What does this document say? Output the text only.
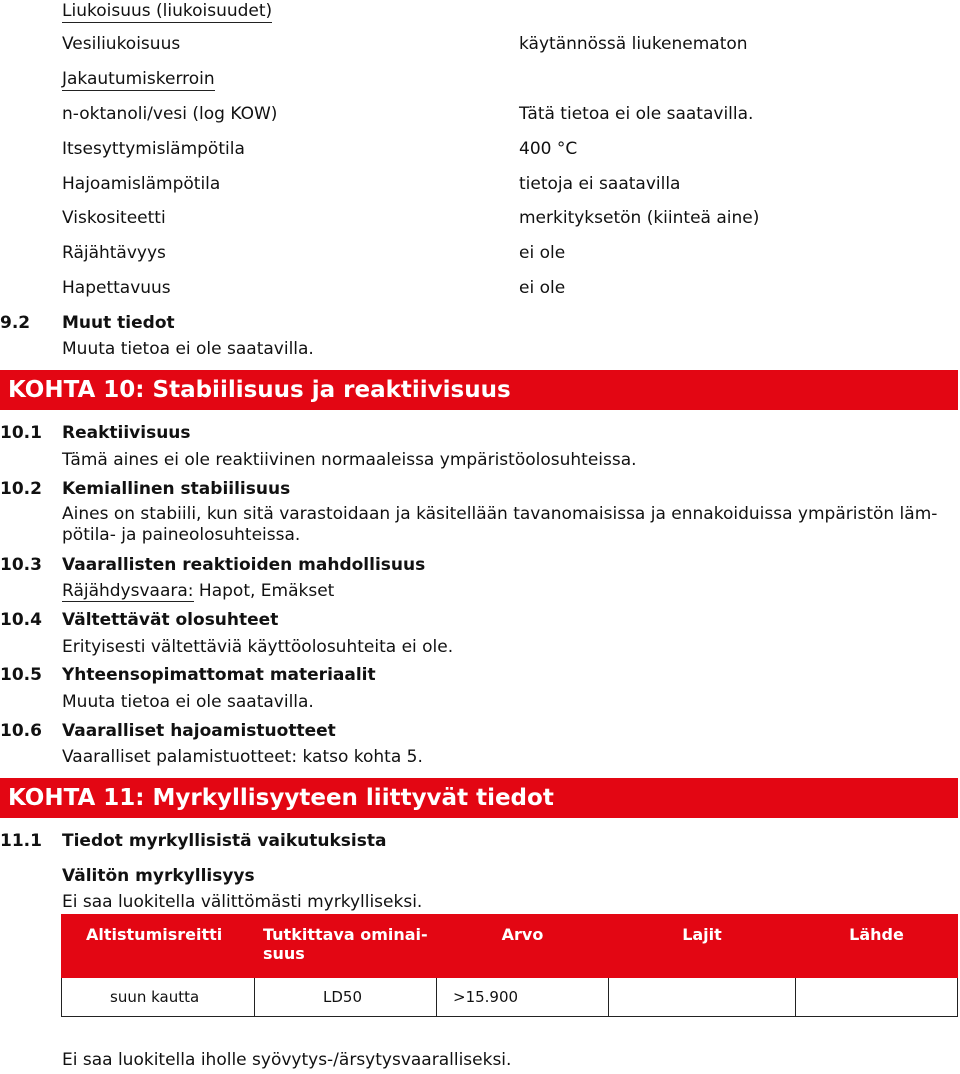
Liukoisuus (liukoisuudet)
Vesiliukoisuus	käytännössä liukenematon
Jakautumiskerroin
n-oktanoli/vesi (log KOW)	Tätä tietoa ei ole saatavilla.
Itsesyttymislämpötila	400 °C
Hajoamislämpötila	tietoja ei saatavilla
Viskositeetti	merkityksetön (kiinteä aine)
Räjähtävyys	ei ole
Hapettavuus	ei ole
9.2 Muut tiedot
Muuta tietoa ei ole saatavilla.
KOHTA 10: Stabiilisuus ja reaktiivisuus
10.1 Reaktiivisuus
Tämä aines ei ole reaktiivinen normaaleissa ympäristöolosuhteissa.
10.2 Kemiallinen stabiilisuus
Aines on stabiili, kun sitä varastoidaan ja käsitellään tavanomaisissa ja ennakoiduissa ympäristön läm-pötila- ja paineolosuhteissa.
10.3 Vaarallisten reaktioiden mahdollisuus
Räjähdysvaara: Hapot, Emäkset
10.4 Vältettävät olosuhteet
Erityisesti vältettäviä käyttöolosuhteita ei ole.
10.5 Yhteensopimattomat materiaalit
Muuta tietoa ei ole saatavilla.
10.6 Vaaralliset hajoamistuotteet
Vaaralliset palamistuotteet: katso kohta 5.
KOHTA 11: Myrkyllisyyteen liittyvät tiedot
11.1 Tiedot myrkyllisistä vaikutuksista
Välitön myrkyllisyys
Ei saa luokitella välittömästi myrkylliseksi.
Altistumisreitti	Tutkittava ominai-suus	Arvo	Lajit	Lähde
suun kautta	LD50	>15.900		
Ei saa luokitella iholle syövytys-/ärsytysvaaralliseksi.
